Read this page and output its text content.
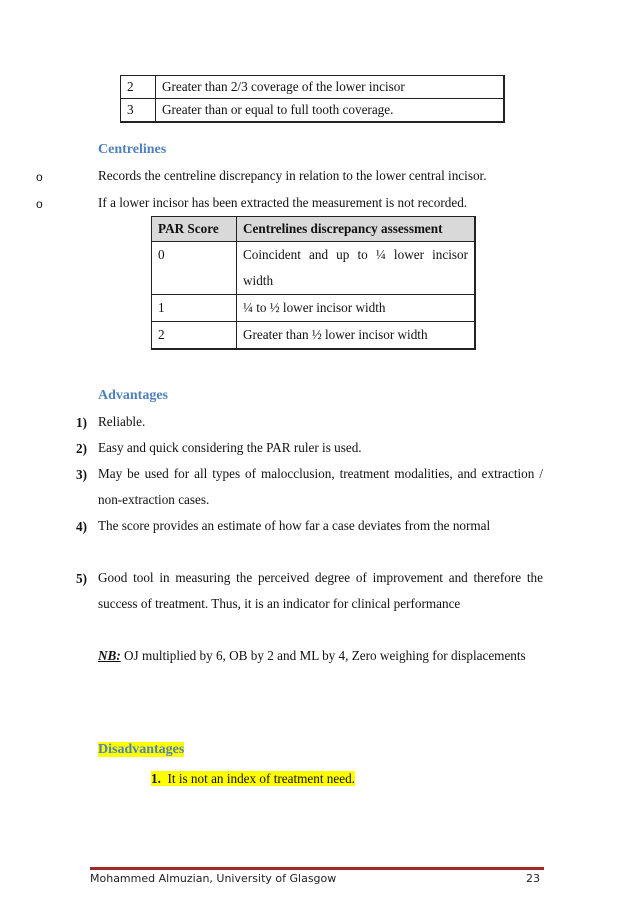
2	Greater than 2/3 coverage of the lower incisor
3	Greater than or equal to full tooth coverage.
Centrelines
o	Records the centreline discrepancy in relation to the lower central incisor.
o	If a lower incisor has been extracted the measurement is not recorded.
PAR Score	Centrelines discrepancy assessment
0	Coincident and up to ¼ lower incisor width
1	¼ to ½ lower incisor width
2	Greater than ½ lower incisor width
Advantages
1) Reliable.
2) Easy and quick considering the PAR ruler is used.
3) May be used for all types of malocclusion, treatment modalities, and extraction / non-extraction cases.
4) The score provides an estimate of how far a case deviates from the normal
5) Good tool in measuring the perceived degree of improvement and therefore the success of treatment. Thus, it is an indicator for clinical performance
NB: OJ multiplied by 6, OB by 2 and ML by 4, Zero weighing for displacements
Disadvantages
1. It is not an index of treatment need.
Mohammed Almuzian, University of Glasgow	23
